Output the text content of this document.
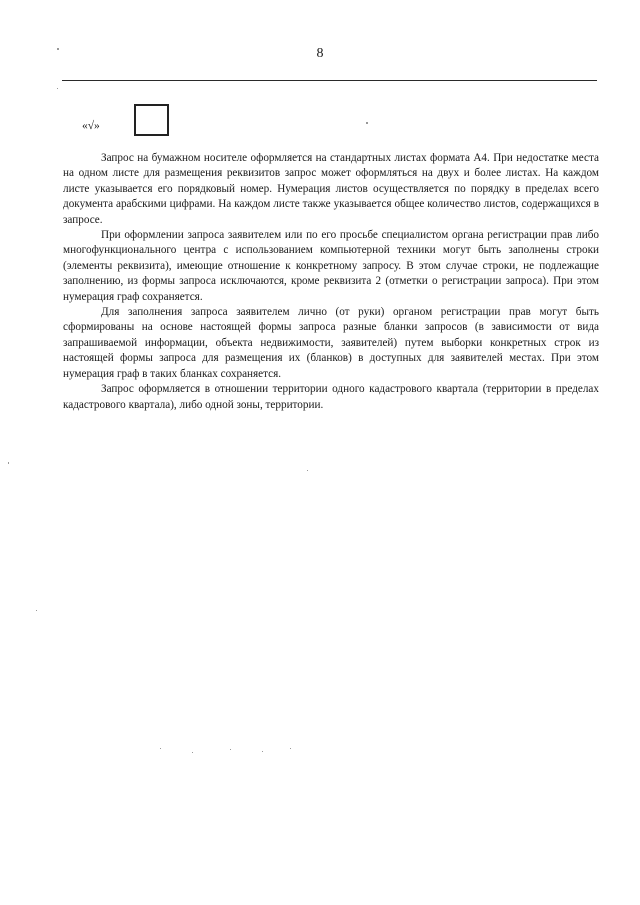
8
«√»

Запрос на бумажном носителе оформляется на стандартных листах формата А4. При недостатке места на одном листе для размещения реквизитов запрос может оформляться на двух и более листах. На каждом листе указывается его порядковый номер. Нумерация листов осуществляется по порядку в пределах всего документа арабскими цифрами. На каждом листе также указывается общее количество листов, содержащихся в запросе.

При оформлении запроса заявителем или по его просьбе специалистом органа регистрации прав либо многофункционального центра с использованием компьютерной техники могут быть заполнены строки (элементы реквизита), имеющие отношение к конкретному запросу. В этом случае строки, не подлежащие заполнению, из формы запроса исключаются, кроме реквизита 2 (отметки о регистрации запроса). При этом нумерация граф сохраняется.

Для заполнения запроса заявителем лично (от руки) органом регистрации прав могут быть сформированы на основе настоящей формы запроса разные бланки запросов (в зависимости от вида запрашиваемой информации, объекта недвижимости, заявителей) путем выборки конкретных строк из настоящей формы запроса для размещения их (бланков) в доступных для заявителей местах. При этом нумерация граф в таких бланках сохраняется.

Запрос оформляется в отношении территории одного кадастрового квартала (территории в пределах кадастрового квартала), либо одной зоны, территории.
